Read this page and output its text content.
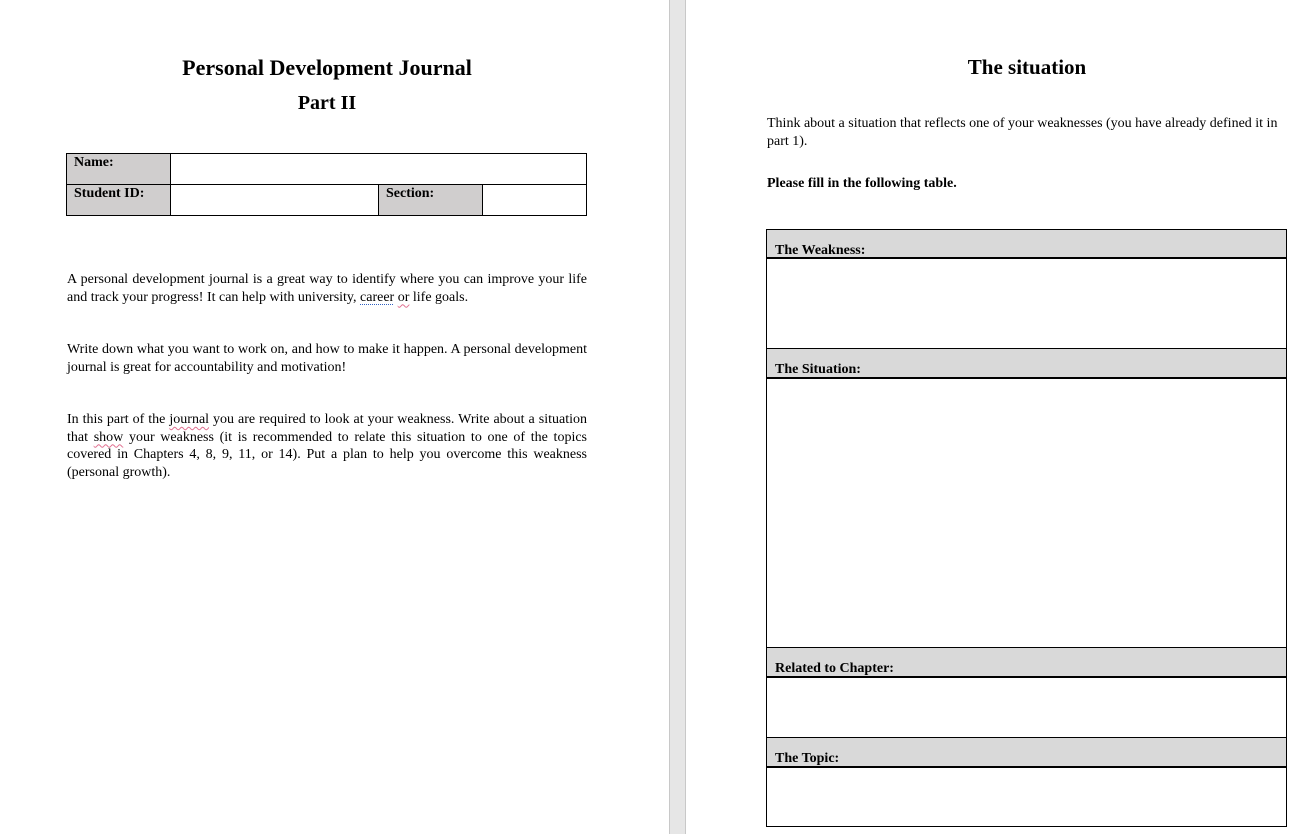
Personal Development Journal
Part II
Name:			
Student ID:		Section:	
A personal development journal is a great way to identify where you can improve your life and track your progress! It can help with university, career or life goals.
Write down what you want to work on, and how to make it happen. A personal development journal is great for accountability and motivation!
In this part of the journal you are required to look at your weakness. Write about a situation that show your weakness (it is recommended to relate this situation to one of the topics covered in Chapters 4, 8, 9, 11, or 14). Put a plan to help you overcome this weakness (personal growth).
The situation
Think about a situation that reflects one of your weaknesses (you have already defined it in part 1).
Please fill in the following table.
The Weakness:
The Situation:
Related to Chapter:
The Topic:
